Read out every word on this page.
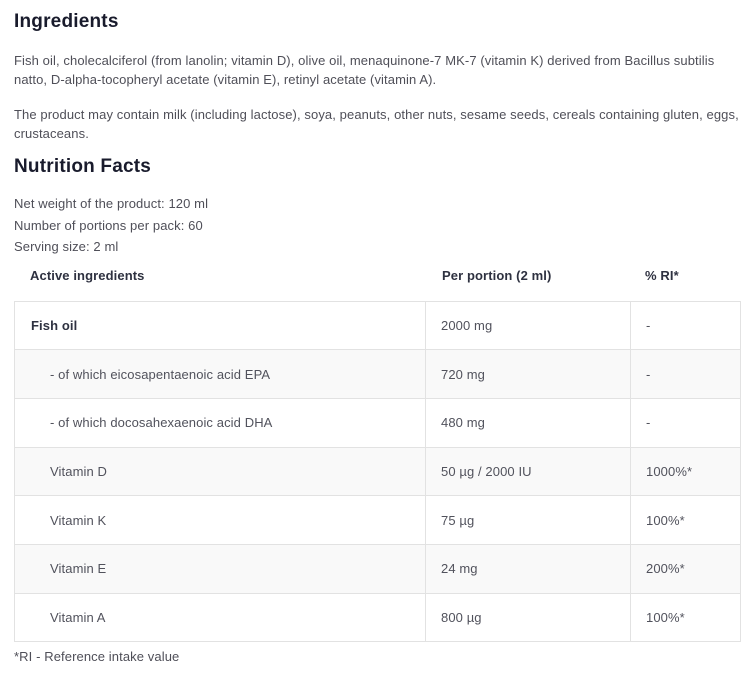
Ingredients

Fish oil, cholecalciferol (from lanolin; vitamin D), olive oil, menaquinone-7 MK-7 (vitamin K) derived from Bacillus subtilis natto, D-alpha-tocopheryl acetate (vitamin E), retinyl acetate (vitamin A).

The product may contain milk (including lactose), soya, peanuts, other nuts, sesame seeds, cereals containing gluten, eggs, crustaceans.

Nutrition Facts

Net weight of the product: 120 ml

Number of portions per pack: 60

Serving size: 2 ml

Active ingredients	Per portion (2 ml)	% RI*
Fish oil	2000 mg	-
- of which eicosapentaenoic acid EPA	720 mg	-
- of which docosahexaenoic acid DHA	480 mg	-
Vitamin D	50 µg / 2000 IU	1000%*
Vitamin K	75 µg	100%*
Vitamin E	24 mg	200%*
Vitamin A	800 µg	100%*

*RI - Reference intake value
